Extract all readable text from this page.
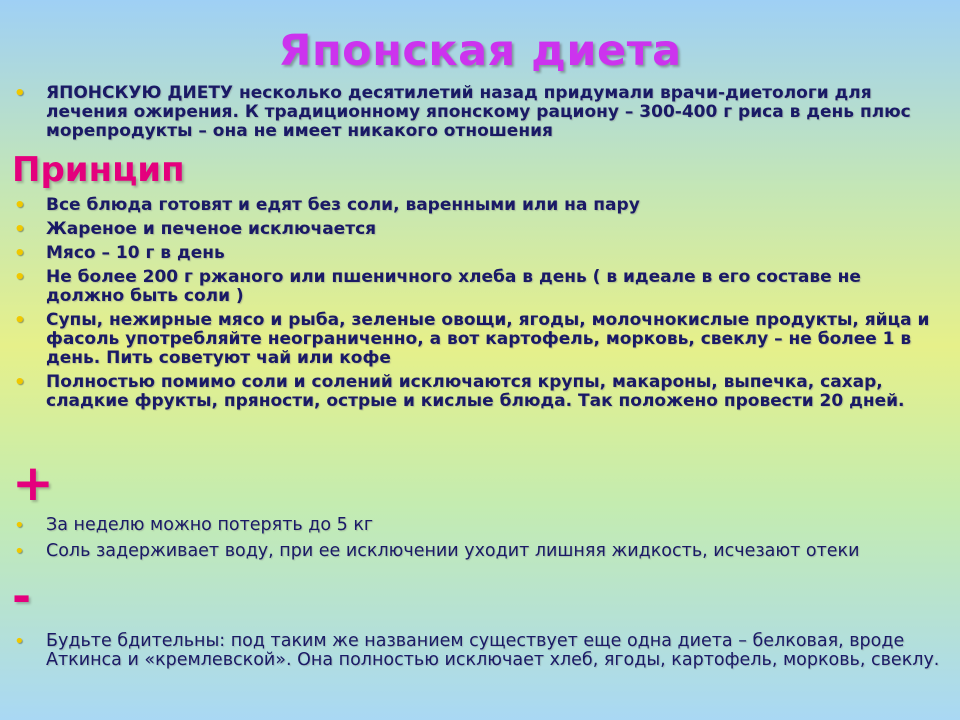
Японская диета
• ЯПОНСКУЮ ДИЕТУ несколько десятилетий назад придумали врачи-диетологи для лечения ожирения. К традиционному японскому рациону – 300-400 г риса в день плюс морепродукты – она не имеет никакого отношения
Принцип
• Все блюда готовят и едят без соли, варенными или на пару
• Жареное и печеное исключается
• Мясо – 10 г в день
• Не более 200 г ржаного или пшеничного хлеба в день ( в идеале в его составе не должно быть соли )
• Супы, нежирные мясо и рыба, зеленые овощи, ягоды, молочнокислые продукты, яйца и фасоль употребляйте неограниченно, а вот картофель, морковь, свеклу – не более 1 в день. Пить советуют чай или кофе
• Полностью помимо соли и солений исключаются крупы, макароны, выпечка, сахар, сладкие фрукты, пряности, острые и кислые блюда. Так положено провести 20 дней.
+
• За неделю можно потерять до 5 кг
• Соль задерживает воду, при ее исключении уходит лишняя жидкость, исчезают отеки
-
• Будьте бдительны: под таким же названием существует еще одна диета – белковая, вроде Аткинса и «кремлевской». Она полностью исключает хлеб, ягоды, картофель, морковь, свеклу.
